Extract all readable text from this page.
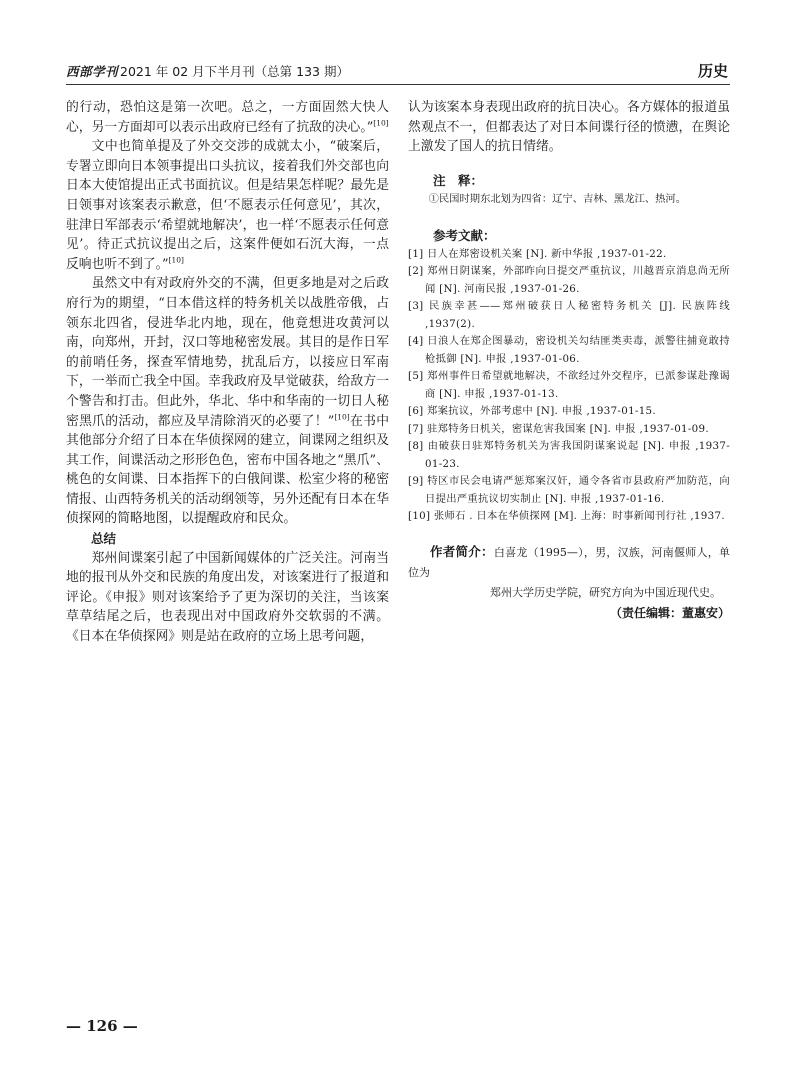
西部学刊 2021 年 02 月下半月刊（总第 133 期）	历史

的行动，恐怕这是第一次吧。总之，一方面固然大快人心，另一方面却可以表示出政府已经有了抗敌的决心。”[10]

文中也简单提及了外交交涉的成就太小，“破案后，专署立即向日本领事提出口头抗议，接着我们外交部也向日本大使馆提出正式书面抗议。但是结果怎样呢？最先是日领事对该案表示歉意，但‘不愿表示任何意见’，其次，驻津日军部表示‘希望就地解决’，也一样‘不愿表示任何意见’。待正式抗议提出之后，这案件便如石沉大海，一点反响也听不到了。”[10]

虽然文中有对政府外交的不满，但更多地是对之后政府行为的期望，“日本借这样的特务机关以战胜帝俄，占领东北四省，侵进华北内地，现在，他竟想进攻黄河以南，向郑州，开封，汉口等地秘密发展。其目的是作日军的前哨任务，探查军情地势，扰乱后方，以接应日军南下，一举而亡我全中国。幸我政府及早觉破获，给敌方一个警告和打击。但此外，华北、华中和华南的一切日人秘密黑爪的活动，都应及早清除消灭的必要了！”[10]在书中其他部分介绍了日本在华侦探网的建立，间谍网之组织及其工作，间谍活动之形形色色，密布中国各地之“黑爪”、桃色的女间谍、日本指挥下的白俄间谍、松室少将的秘密情报、山西特务机关的活动纲领等，另外还配有日本在华侦探网的简略地图，以提醒政府和民众。

总结

郑州间谍案引起了中国新闻媒体的广泛关注。河南当地的报刊从外交和民族的角度出发，对该案进行了报道和评论。《申报》则对该案给予了更为深切的关注，当该案草草结尾之后，也表现出对中国政府外交软弱的不满。《日本在华侦探网》则是站在政府的立场上思考问题，

认为该案本身表现出政府的抗日决心。各方媒体的报道虽然观点不一，但都表达了对日本间谍行径的愤懑，在舆论上激发了国人的抗日情绪。

注　释：

①民国时期东北划为四省：辽宁、吉林、黑龙江、热河。

参考文献：

[1] 日人在郑密设机关案 [N]. 新中华报 ,1937-01-22.
[2] 郑州日阴谋案，外部昨向日提交严重抗议，川越晋京消息尚无所闻 [N]. 河南民报 ,1937-01-26.
[3] 民族幸甚——郑州破获日人秘密特务机关 [J]. 民族阵线 ,1937(2).
[4] 日浪人在郑企图暴动，密设机关勾结匪类卖毒，派警往捕竟敢持枪抵御 [N]. 申报 ,1937-01-06.
[5] 郑州事件日希望就地解决，不欲经过外交程序，已派参谋赴豫谒商 [N]. 申报 ,1937-01-13.
[6] 郑案抗议，外部考虑中 [N]. 申报 ,1937-01-15.
[7] 驻郑特务日机关，密谋危害我国案 [N]. 申报 ,1937-01-09.
[8] 由破获日驻郑特务机关为害我国阴谋案说起 [N]. 申报 ,1937-01-23.
[9] 特区市民会电请严惩郑案汉奸，通令各省市县政府严加防范，向日提出严重抗议切实制止 [N]. 申报 ,1937-01-16.
[10] 张师石 . 日本在华侦探网 [M]. 上海：时事新闻刊行社 ,1937.

作者简介：白喜龙（1995—），男，汉族，河南偃师人，单位为

郑州大学历史学院，研究方向为中国近现代史。

（责任编辑：董惠安）

— 126 —
